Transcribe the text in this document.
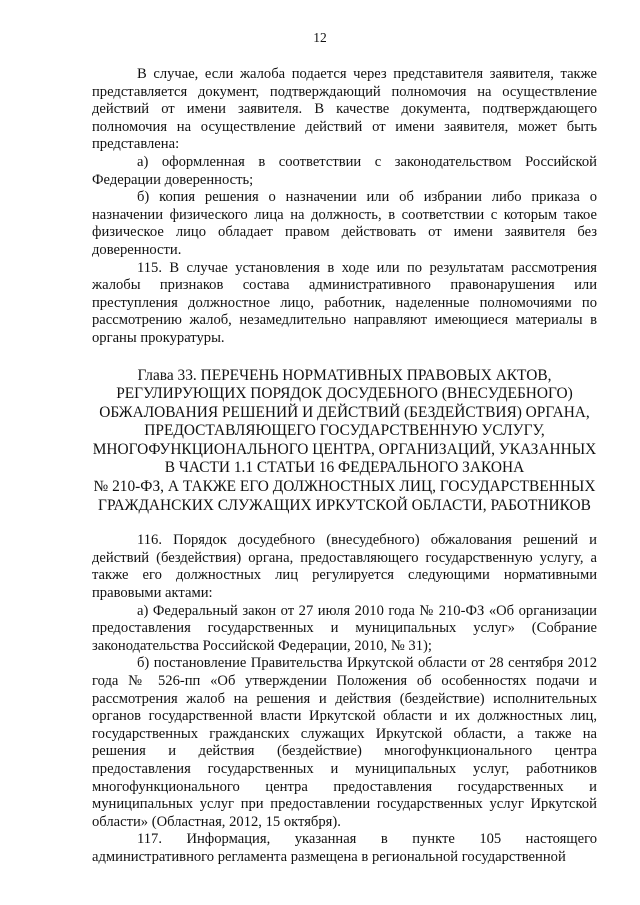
12

В случае, если жалоба подается через представителя заявителя, также представляется документ, подтверждающий полномочия на осуществление действий от имени заявителя. В качестве документа, подтверждающего полномочия на осуществление действий от имени заявителя, может быть представлена:

а) оформленная в соответствии с законодательством Российской Федерации доверенность;

б) копия решения о назначении или об избрании либо приказа о назначении физического лица на должность, в соответствии с которым такое физическое лицо обладает правом действовать от имени заявителя без доверенности.

115. В случае установления в ходе или по результатам рассмотрения жалобы признаков состава административного правонарушения или преступления должностное лицо, работник, наделенные полномочиями по рассмотрению жалоб, незамедлительно направляют имеющиеся материалы в органы прокуратуры.

Глава 33. ПЕРЕЧЕНЬ НОРМАТИВНЫХ ПРАВОВЫХ АКТОВ,
РЕГУЛИРУЮЩИХ ПОРЯДОК ДОСУДЕБНОГО (ВНЕСУДЕБНОГО)
ОБЖАЛОВАНИЯ РЕШЕНИЙ И ДЕЙСТВИЙ (БЕЗДЕЙСТВИЯ) ОРГАНА,
ПРЕДОСТАВЛЯЮЩЕГО ГОСУДАРСТВЕННУЮ УСЛУГУ,
МНОГОФУНКЦИОНАЛЬНОГО ЦЕНТРА, ОРГАНИЗАЦИЙ, УКАЗАННЫХ
В ЧАСТИ 1.1 СТАТЬИ 16 ФЕДЕРАЛЬНОГО ЗАКОНА
№ 210-ФЗ, А ТАКЖЕ ЕГО ДОЛЖНОСТНЫХ ЛИЦ, ГОСУДАРСТВЕННЫХ
ГРАЖДАНСКИХ СЛУЖАЩИХ ИРКУТСКОЙ ОБЛАСТИ, РАБОТНИКОВ

116. Порядок досудебного (внесудебного) обжалования решений и действий (бездействия) органа, предоставляющего государственную услугу, а также его должностных лиц регулируется следующими нормативными правовыми актами:

а) Федеральный закон от 27 июля 2010 года № 210-ФЗ «Об организации предоставления государственных и муниципальных услуг» (Собрание законодательства Российской Федерации, 2010, № 31);

б) постановление Правительства Иркутской области от 28 сентября 2012 года № 526-пп «Об утверждении Положения об особенностях подачи и рассмотрения жалоб на решения и действия (бездействие) исполнительных органов государственной власти Иркутской области и их должностных лиц, государственных гражданских служащих Иркутской области, а также на решения и действия (бездействие) многофункционального центра предоставления государственных и муниципальных услуг, работников многофункционального центра предоставления государственных и муниципальных услуг при предоставлении государственных услуг Иркутской области» (Областная, 2012, 15 октября).

117. Информация, указанная в пункте 105 настоящего административного регламента размещена в региональной государственной
